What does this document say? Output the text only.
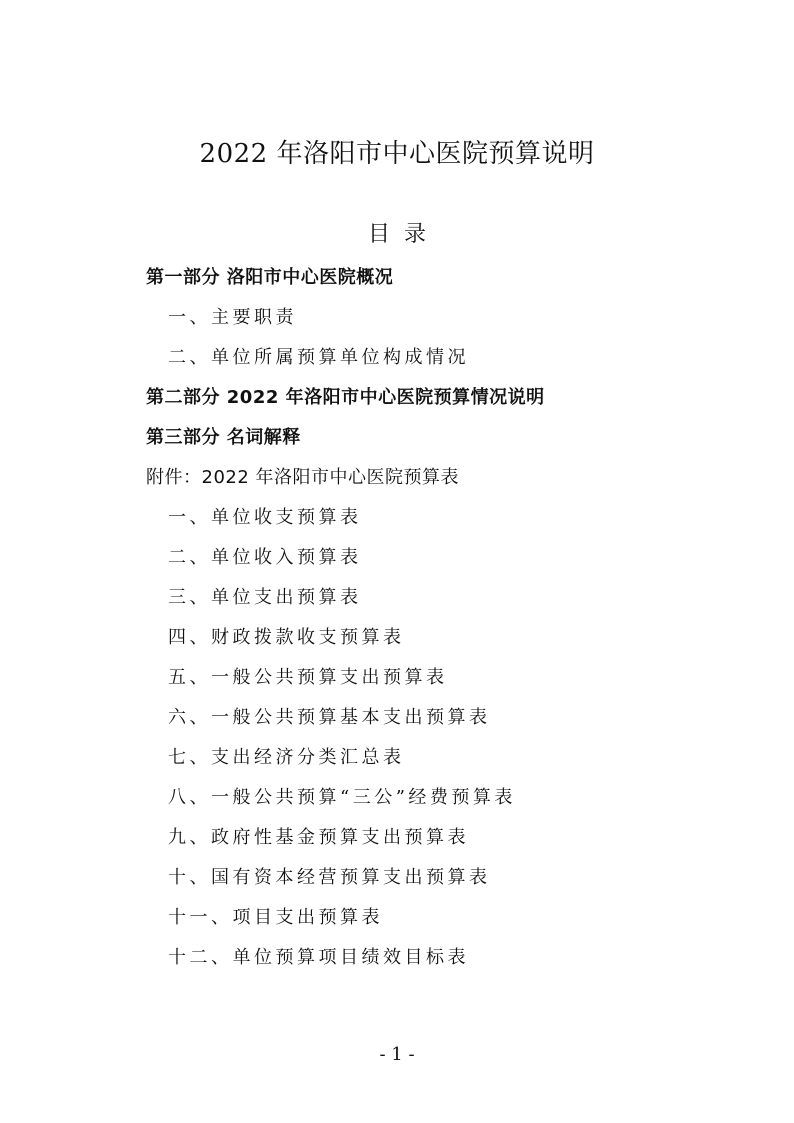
2022 年洛阳市中心医院预算说明
目录
第一部分 洛阳市中心医院概况
一、主要职责
二、单位所属预算单位构成情况
第二部分 2022 年洛阳市中心医院预算情况说明
第三部分 名词解释
附件：2022 年洛阳市中心医院预算表
一、单位收支预算表
二、单位收入预算表
三、单位支出预算表
四、财政拨款收支预算表
五、一般公共预算支出预算表
六、一般公共预算基本支出预算表
七、支出经济分类汇总表
八、一般公共预算“三公”经费预算表
九、政府性基金预算支出预算表
十、国有资本经营预算支出预算表
十一、项目支出预算表
十二、单位预算项目绩效目标表
- 1 -
